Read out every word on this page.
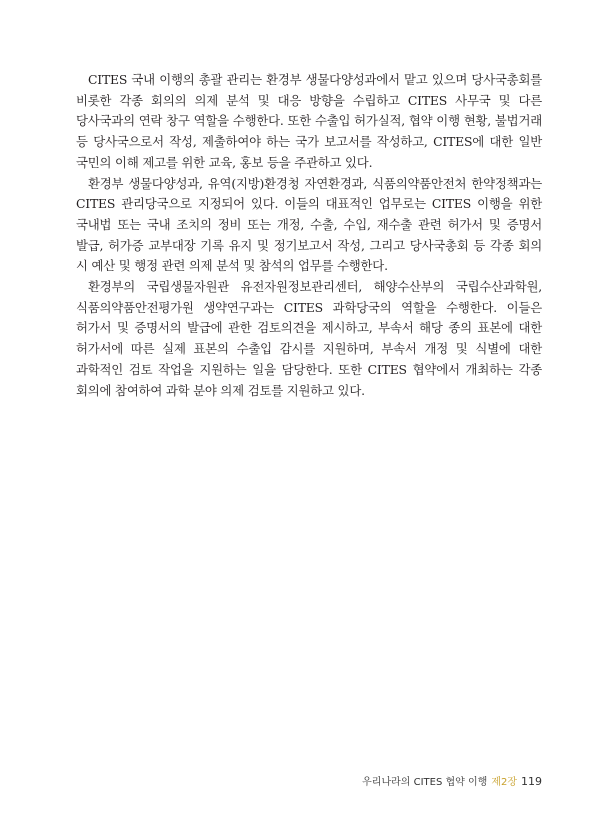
CITES 국내 이행의 총괄 관리는 환경부 생물다양성과에서 맡고 있으며 당사국총회를 비롯한 각종 회의의 의제 분석 및 대응 방향을 수립하고 CITES 사무국 및 다른 당사국과의 연락 창구 역할을 수행한다. 또한 수출입 허가실적, 협약 이행 현황, 불법거래 등 당사국으로서 작성, 제출하여야 하는 국가 보고서를 작성하고, CITES에 대한 일반 국민의 이해 제고를 위한 교육, 홍보 등을 주관하고 있다.

환경부 생물다양성과, 유역(지방)환경청 자연환경과, 식품의약품안전처 한약정책과는 CITES 관리당국으로 지정되어 있다. 이들의 대표적인 업무로는 CITES 이행을 위한 국내법 또는 국내 조치의 정비 또는 개정, 수출, 수입, 재수출 관련 허가서 및 증명서 발급, 허가증 교부대장 기록 유지 및 정기보고서 작성, 그리고 당사국총회 등 각종 회의 시 예산 및 행정 관련 의제 분석 및 참석의 업무를 수행한다.

환경부의 국립생물자원관 유전자원정보관리센터, 해양수산부의 국립수산과학원, 식품의약품안전평가원 생약연구과는 CITES 과학당국의 역할을 수행한다. 이들은 허가서 및 증명서의 발급에 관한 검토의견을 제시하고, 부속서 해당 종의 표본에 대한 허가서에 따른 실제 표본의 수출입 감시를 지원하며, 부속서 개정 및 식별에 대한 과학적인 검토 작업을 지원하는 일을 담당한다. 또한 CITES 협약에서 개최하는 각종 회의에 참여하여 과학 분야 의제 검토를 지원하고 있다.

우리나라의 CITES 협약 이행 제2장 119
